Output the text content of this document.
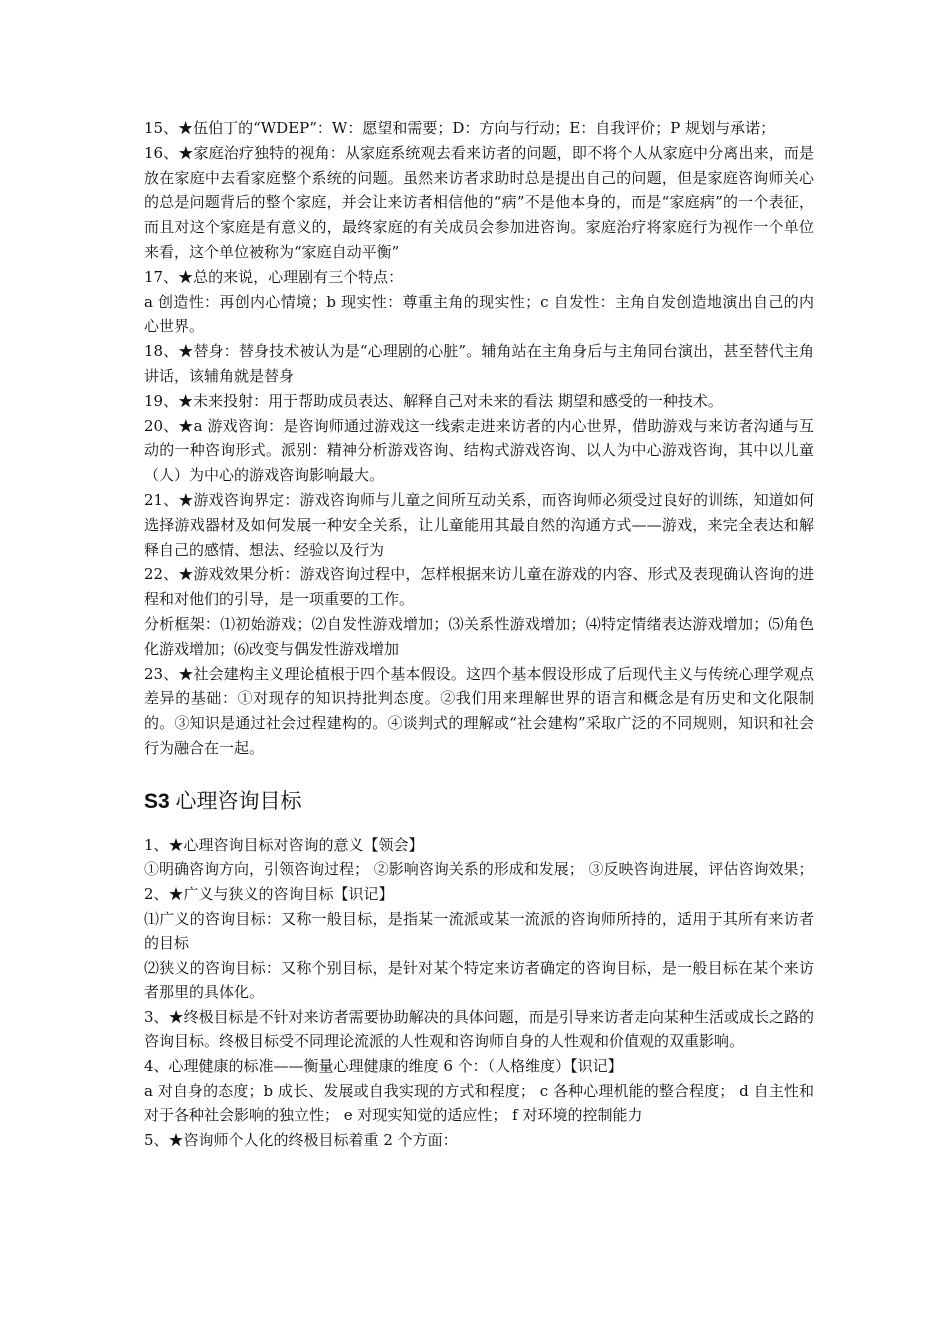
15、★伍伯丁的“WDEP”：W：愿望和需要；D：方向与行动；E：自我评价；P 规划与承诺；

16、★家庭治疗独特的视角：从家庭系统观去看来访者的问题，即不将个人从家庭中分离出来，而是放在家庭中去看家庭整个系统的问题。虽然来访者求助时总是提出自己的问题，但是家庭咨询师关心的总是问题背后的整个家庭，并会让来访者相信他的“病”不是他本身的，而是“家庭病”的一个表征，而且对这个家庭是有意义的，最终家庭的有关成员会参加进咨询。家庭治疗将家庭行为视作一个单位来看，这个单位被称为“家庭自动平衡”

17、★总的来说，心理剧有三个特点：

a 创造性：再创内心情境；b 现实性：尊重主角的现实性；c 自发性：主角自发创造地演出自己的内心世界。

18、★替身：替身技术被认为是“心理剧的心脏”。辅角站在主角身后与主角同台演出，甚至替代主角讲话，该辅角就是替身

19、★未来投射：用于帮助成员表达、解释自己对未来的看法 期望和感受的一种技术。

20、★a 游戏咨询：是咨询师通过游戏这一线索走进来访者的内心世界，借助游戏与来访者沟通与互动的一种咨询形式。派别：精神分析游戏咨询、结构式游戏咨询、以人为中心游戏咨询，其中以儿童（人）为中心的游戏咨询影响最大。

21、★游戏咨询界定：游戏咨询师与儿童之间所互动关系，而咨询师必须受过良好的训练，知道如何选择游戏器材及如何发展一种安全关系，让儿童能用其最自然的沟通方式——游戏，来完全表达和解释自己的感情、想法、经验以及行为

22、★游戏效果分析：游戏咨询过程中，怎样根据来访儿童在游戏的内容、形式及表现确认咨询的进程和对他们的引导，是一项重要的工作。

分析框架：⑴初始游戏；⑵自发性游戏增加；⑶关系性游戏增加；⑷特定情绪表达游戏增加；⑸角色化游戏增加；⑹改变与偶发性游戏增加

23、★社会建构主义理论植根于四个基本假设。这四个基本假设形成了后现代主义与传统心理学观点差异的基础：①对现存的知识持批判态度。②我们用来理解世界的语言和概念是有历史和文化限制的。③知识是通过社会过程建构的。④谈判式的理解或“社会建构”采取广泛的不同规则，知识和社会行为融合在一起。

S3 心理咨询目标

1、★心理咨询目标对咨询的意义【领会】

①明确咨询方向，引领咨询过程； ②影响咨询关系的形成和发展； ③反映咨询进展，评估咨询效果；

2、★广义与狭义的咨询目标【识记】

⑴广义的咨询目标：又称一般目标，是指某一流派或某一流派的咨询师所持的，适用于其所有来访者的目标

⑵狭义的咨询目标：又称个别目标，是针对某个特定来访者确定的咨询目标，是一般目标在某个来访者那里的具体化。

3、★终极目标是不针对来访者需要协助解决的具体问题，而是引导来访者走向某种生活或成长之路的咨询目标。终极目标受不同理论流派的人性观和咨询师自身的人性观和价值观的双重影响。

4、心理健康的标准——衡量心理健康的维度 6 个：（人格维度）【识记】

a 对自身的态度；b 成长、发展或自我实现的方式和程度； c 各种心理机能的整合程度； d 自主性和对于各种社会影响的独立性； e 对现实知觉的适应性； f 对环境的控制能力

5、★咨询师个人化的终极目标着重 2 个方面：
